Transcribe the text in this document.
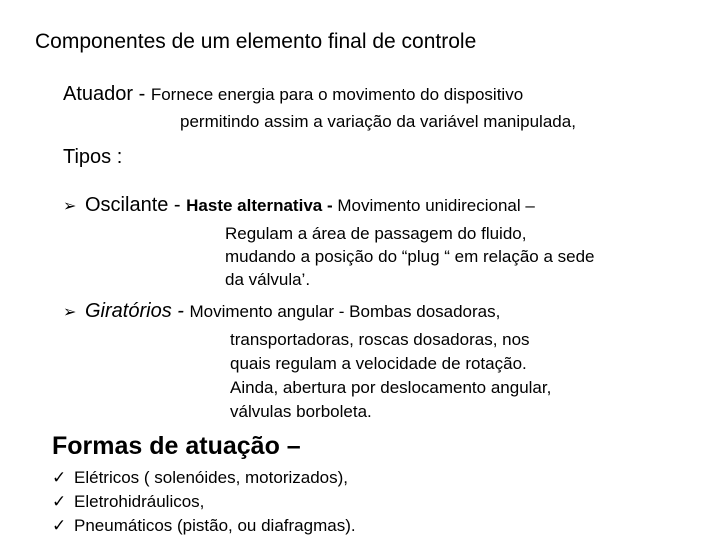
Componentes de um elemento final de controle
Atuador - Fornece energia para o movimento do dispositivo
permitindo assim a variação da variável manipulada,
Tipos :
➢ Oscilante - Haste alternativa - Movimento unidirecional –
Regulam a área de passagem do fluido,
mudando a posição do “plug “ em relação a sede
da válvula’.
➢ Giratórios - Movimento angular - Bombas dosadoras,
transportadoras, roscas dosadoras, nos
quais regulam a velocidade de rotação.
Ainda, abertura por deslocamento angular,
válvulas borboleta.
Formas de atuação –
✓ Elétricos ( solenóides, motorizados),
✓ Eletrohidráulicos,
✓ Pneumáticos (pistão, ou diafragmas).
